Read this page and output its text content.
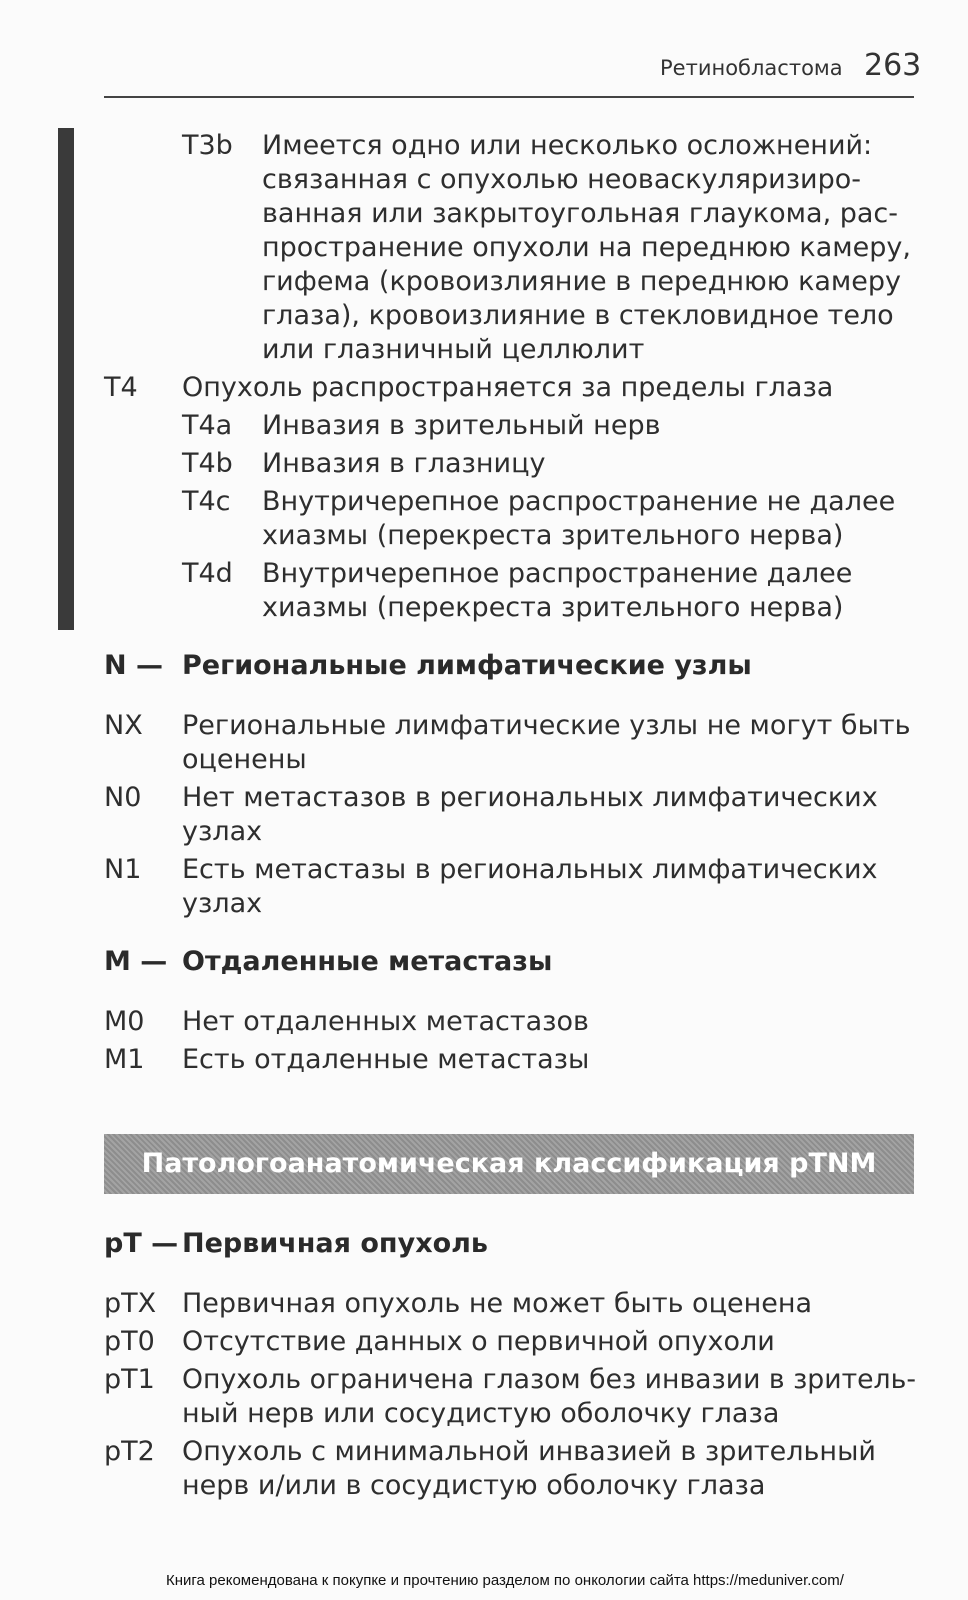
Ретинобластома 263
T3b Имеется одно или несколько осложнений:
связанная с опухолью неоваскуляризиро-
ванная или закрытоугольная глаукома, рас-
пространение опухоли на переднюю камеру,
гифема (кровоизлияние в переднюю камеру
глаза), кровоизлияние в стекловидное тело
или глазничный целлюлит
T4 Опухоль распространяется за пределы глаза
T4a Инвазия в зрительный нерв
T4b Инвазия в глазницу
T4c Внутричерепное распространение не далее
хиазмы (перекреста зрительного нерва)
T4d Внутричерепное распространение далее
хиазмы (перекреста зрительного нерва)
N — Региональные лимфатические узлы
NX Региональные лимфатические узлы не могут быть
оценены
N0 Нет метастазов в региональных лимфатических
узлах
N1 Есть метастазы в региональных лимфатических
узлах
M — Отдаленные метастазы
M0 Нет отдаленных метастазов
M1 Есть отдаленные метастазы
Патологоанатомическая классификация pTNM
pT — Первичная опухоль
pTX Первичная опухоль не может быть оценена
pT0 Отсутствие данных о первичной опухоли
pT1 Опухоль ограничена глазом без инвазии в зритель-
ный нерв или сосудистую оболочку глаза
pT2 Опухоль с минимальной инвазией в зрительный
нерв и/или в сосудистую оболочку глаза
Книга рекомендована к покупке и прочтению разделом по онкологии сайта https://meduniver.com/
